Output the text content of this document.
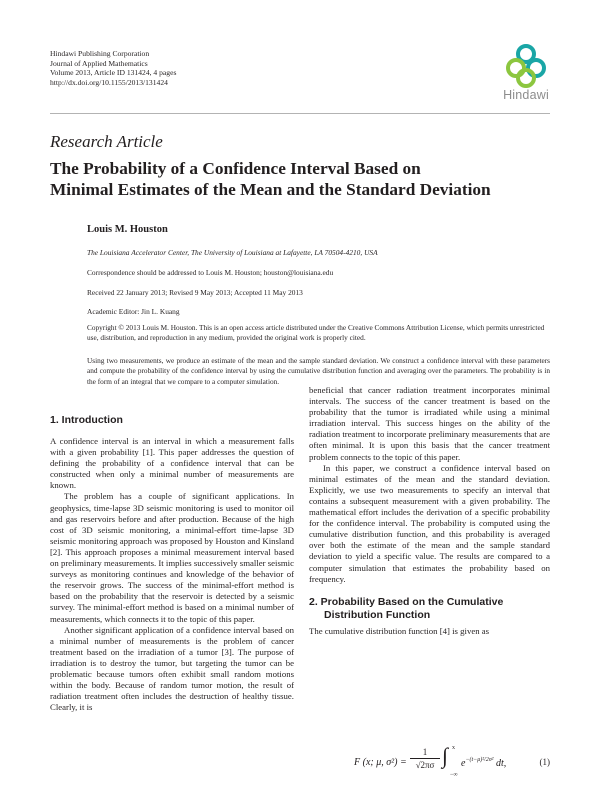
Hindawi Publishing Corporation
Journal of Applied Mathematics
Volume 2013, Article ID 131424, 4 pages
http://dx.doi.org/10.1155/2013/131424
Hindawi
Research Article
The Probability of a Confidence Interval Based on
Minimal Estimates of the Mean and the Standard Deviation
Louis M. Houston
The Louisiana Accelerator Center, The University of Louisiana at Lafayette, LA 70504-4210, USA
Correspondence should be addressed to Louis M. Houston; houston@louisiana.edu
Received 22 January 2013; Revised 9 May 2013; Accepted 11 May 2013
Academic Editor: Jin L. Kuang
Copyright © 2013 Louis M. Houston. This is an open access article distributed under the Creative Commons Attribution License, which permits unrestricted use, distribution, and reproduction in any medium, provided the original work is properly cited.
Using two measurements, we produce an estimate of the mean and the sample standard deviation. We construct a confidence interval with these parameters and compute the probability of the confidence interval by using the cumulative distribution function and averaging over the parameters. The probability is in the form of an integral that we compare to a computer simulation.
1. Introduction

A confidence interval is an interval in which a measurement falls with a given probability [1]. This paper addresses the question of defining the probability of a confidence interval that can be constructed when only a minimal number of measurements are known.

The problem has a couple of significant applications. In geophysics, time-lapse 3D seismic monitoring is used to monitor oil and gas reservoirs before and after production. Because of the high cost of 3D seismic monitoring, a minimal-effort time-lapse 3D seismic monitoring approach was proposed by Houston and Kinsland [2]. This approach proposes a minimal measurement interval based on preliminary measurements. It implies successively smaller seismic surveys as monitoring continues and knowledge of the behavior of the reservoir grows. The success of the minimal-effort method is based on the probability that the reservoir is detected by a seismic survey. The minimal-effort method is based on a minimal number of measurements, which connects it to the topic of this paper.

Another significant application of a confidence interval based on a minimal number of measurements is the problem of cancer treatment based on the irradiation of a tumor [3]. The purpose of irradiation is to destroy the tumor, but targeting the tumor can be problematic because tumors often exhibit small random motions within the body. Because of random tumor motion, the result of radiation treatment often includes the destruction of healthy tissue. Clearly, it is

beneficial that cancer radiation treatment incorporates minimal intervals. The success of the cancer treatment is based on the probability that the tumor is irradiated while using a minimal irradiation interval. This success hinges on the ability of the radiation treatment to incorporate preliminary measurements that are often minimal. It is upon this basis that the cancer treatment problem connects to the topic of this paper.

In this paper, we construct a confidence interval based on minimal estimates of the mean and the standard deviation. Explicitly, we use two measurements to specify an interval that contains a subsequent measurement with a given probability. The mathematical effort includes the derivation of a specific probability for the confidence interval. The probability is computed using the cumulative distribution function, and this probability is averaged over both the estimate of the mean and the sample standard deviation to yield a specific value. The results are compared to a computer simulation that estimates the probability based on frequency.

2. Probability Based on the Cumulative
Distribution Function

The cumulative distribution function [4] is given as

F (x; μ, $\sigma^2) = \frac{1}{√2\pi\sigma}$ ∫ x
−∞
$e^{-(t-\mu)^2/2\sigma^2}$ dt,	(1)
